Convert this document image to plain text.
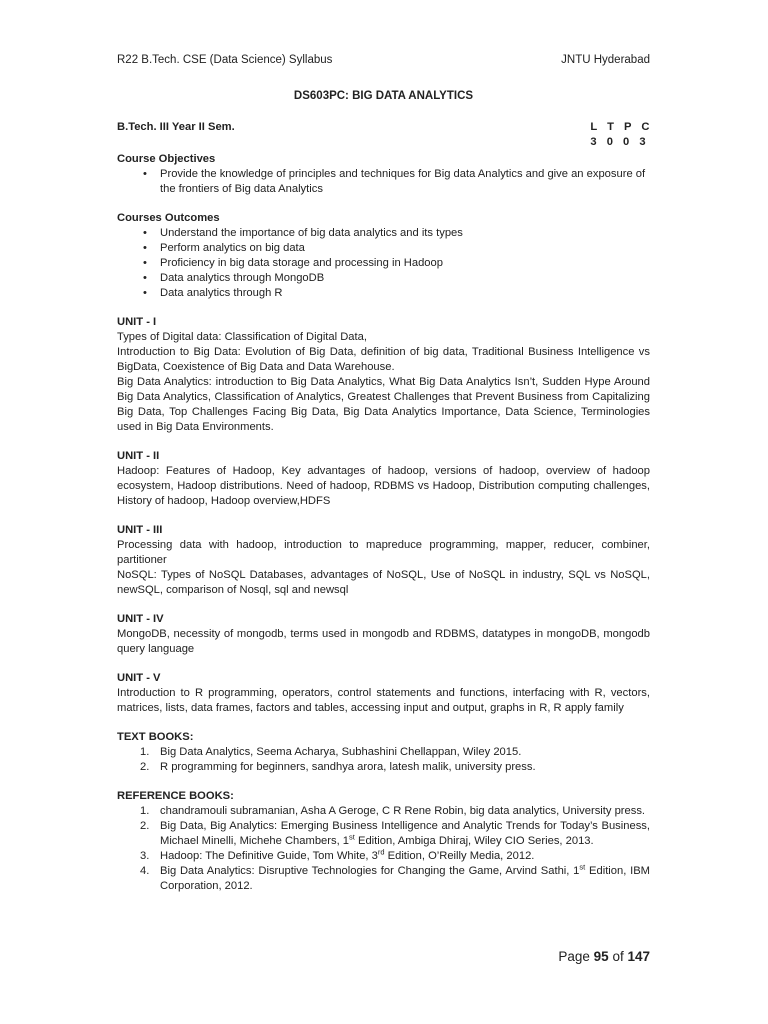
R22 B.Tech. CSE (Data Science) Syllabus	JNTU Hyderabad
DS603PC: BIG DATA ANALYTICS
B.Tech. III Year II Sem.	L T P C
3 0 0 3
Course Objectives
• Provide the knowledge of principles and techniques for Big data Analytics and give an exposure of the frontiers of Big data Analytics
Courses Outcomes
• Understand the importance of big data analytics and its types
• Perform analytics on big data
• Proficiency in big data storage and processing in Hadoop
• Data analytics through MongoDB
• Data analytics through R
UNIT - I

Types of Digital data: Classification of Digital Data,

Introduction to Big Data: Evolution of Big Data, definition of big data, Traditional Business Intelligence vs BigData, Coexistence of Big Data and Data Warehouse.

Big Data Analytics: introduction to Big Data Analytics, What Big Data Analytics Isn’t, Sudden Hype Around Big Data Analytics, Classification of Analytics, Greatest Challenges that Prevent Business from Capitalizing Big Data, Top Challenges Facing Big Data, Big Data Analytics Importance, Data Science, Terminologies used in Big Data Environments.

UNIT - II

Hadoop: Features of Hadoop, Key advantages of hadoop, versions of hadoop, overview of hadoop ecosystem, Hadoop distributions. Need of hadoop, RDBMS vs Hadoop, Distribution computing challenges, History of hadoop, Hadoop overview,HDFS

UNIT - III

Processing data with hadoop, introduction to mapreduce programming, mapper, reducer, combiner, partitioner

NoSQL: Types of NoSQL Databases, advantages of NoSQL, Use of NoSQL in industry, SQL vs NoSQL, newSQL, comparison of Nosql, sql and newsql

UNIT - IV

MongoDB, necessity of mongodb, terms used in mongodb and RDBMS, datatypes in mongoDB, mongodb query language

UNIT - V

Introduction to R programming, operators, control statements and functions, interfacing with R, vectors, matrices, lists, data frames, factors and tables, accessing input and output, graphs in R, R apply family

TEXT BOOKS:
1. Big Data Analytics, Seema Acharya, Subhashini Chellappan, Wiley 2015.
2. R programming for beginners, sandhya arora, latesh malik, university press.
REFERENCE BOOKS:
1. chandramouli subramanian, Asha A Geroge, C R Rene Robin, big data analytics, University press.
2. Big Data, Big Analytics: Emerging Business Intelligence and Analytic Trends for Today’s Business, Michael Minelli, Michehe Chambers, 1st Edition, Ambiga Dhiraj, Wiley CIO Series, 2013.
3. Hadoop: The Definitive Guide, Tom White, 3rd Edition, O’Reilly Media, 2012.
4. Big Data Analytics: Disruptive Technologies for Changing the Game, Arvind Sathi, 1st Edition, IBM Corporation, 2012.
Page 95 of 147
